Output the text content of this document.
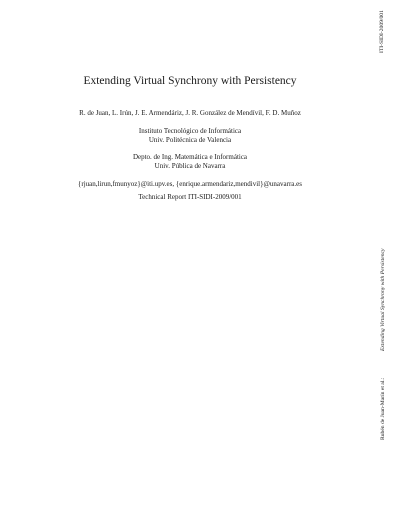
ITI-SIDI-2009/001
Extending Virtual Synchrony with Persistency
R. de Juan, L. Irún, J. E. Armendáriz, J. R. González de Mendívil, F. D. Muñoz
Instituto Tecnológico de Informática
Univ. Politécnica de Valencia
Depto. de Ing. Matemática e Informática
Univ. Pública de Navarra
{rjuan,lirun,fmunyoz}@iti.upv.es, {enrique.armendariz,mendivil}@unavarra.es
Technical Report ITI-SIDI-2009/001
Extending Virtual Synchrony with Persistency
Rubén de Juan-Marín et al.:
